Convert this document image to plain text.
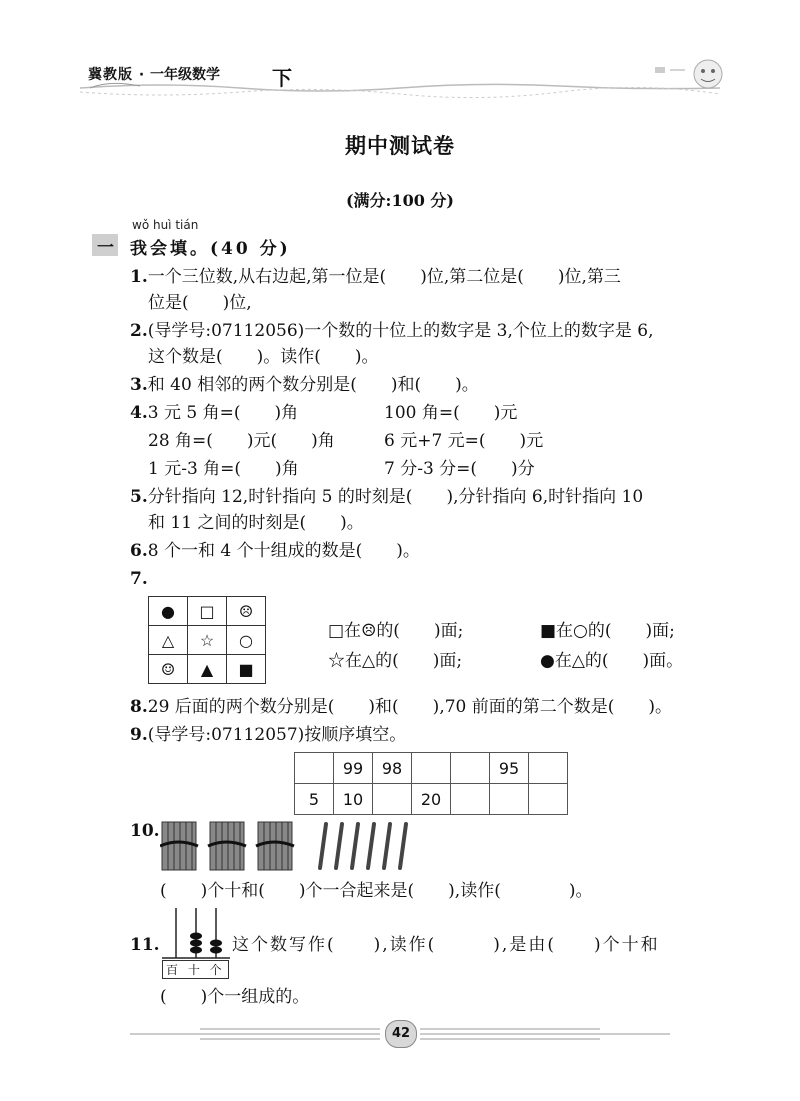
冀教版 · 一年级数学	下
期中测试卷
(满分:100 分)
wǒ huì tián
一 我会填。(40 分)
1.一个三位数,从右边起,第一位是(　　)位,第二位是(　　)位,第三
位是(　　)位,
2.(导学号:07112056)一个数的十位上的数字是 3,个位上的数字是 6,
这个数是(　　)。读作(　　)。
3.和 40 相邻的两个数分别是(　　)和(　　)。
4.3 元 5 角=(　　)角	100 角=(　　)元
28 角=(　　)元(　　)角	6 元+7 元=(　　)元
1 元-3 角=(　　)角	7 分-3 分=(　　)分
5.分针指向 12,时针指向 5 的时刻是(　　),分针指向 6,时针指向 10
和 11 之间的时刻是(　　)。
6.8 个一和 4 个十组成的数是(　　)。
7.
●	□	☹
△	☆	○
☺	▲	■
□在☹的(　　)面;	■在○的(　　)面;
☆在△的(　　)面;	●在△的(　　)面。
8.29 后面的两个数分别是(　　)和(　　),70 前面的第二个数是(　　)。
9.(导学号:07112057)按顺序填空。
	99	98			95	
5	10		20			
10.
(　　)个十和(　　)个一合起来是(　　),读作(　　　　)。
11.
百 十 个
这个数写作(　　),读作(　　　),是由(　　)个十和
(　　)个一组成的。
42
